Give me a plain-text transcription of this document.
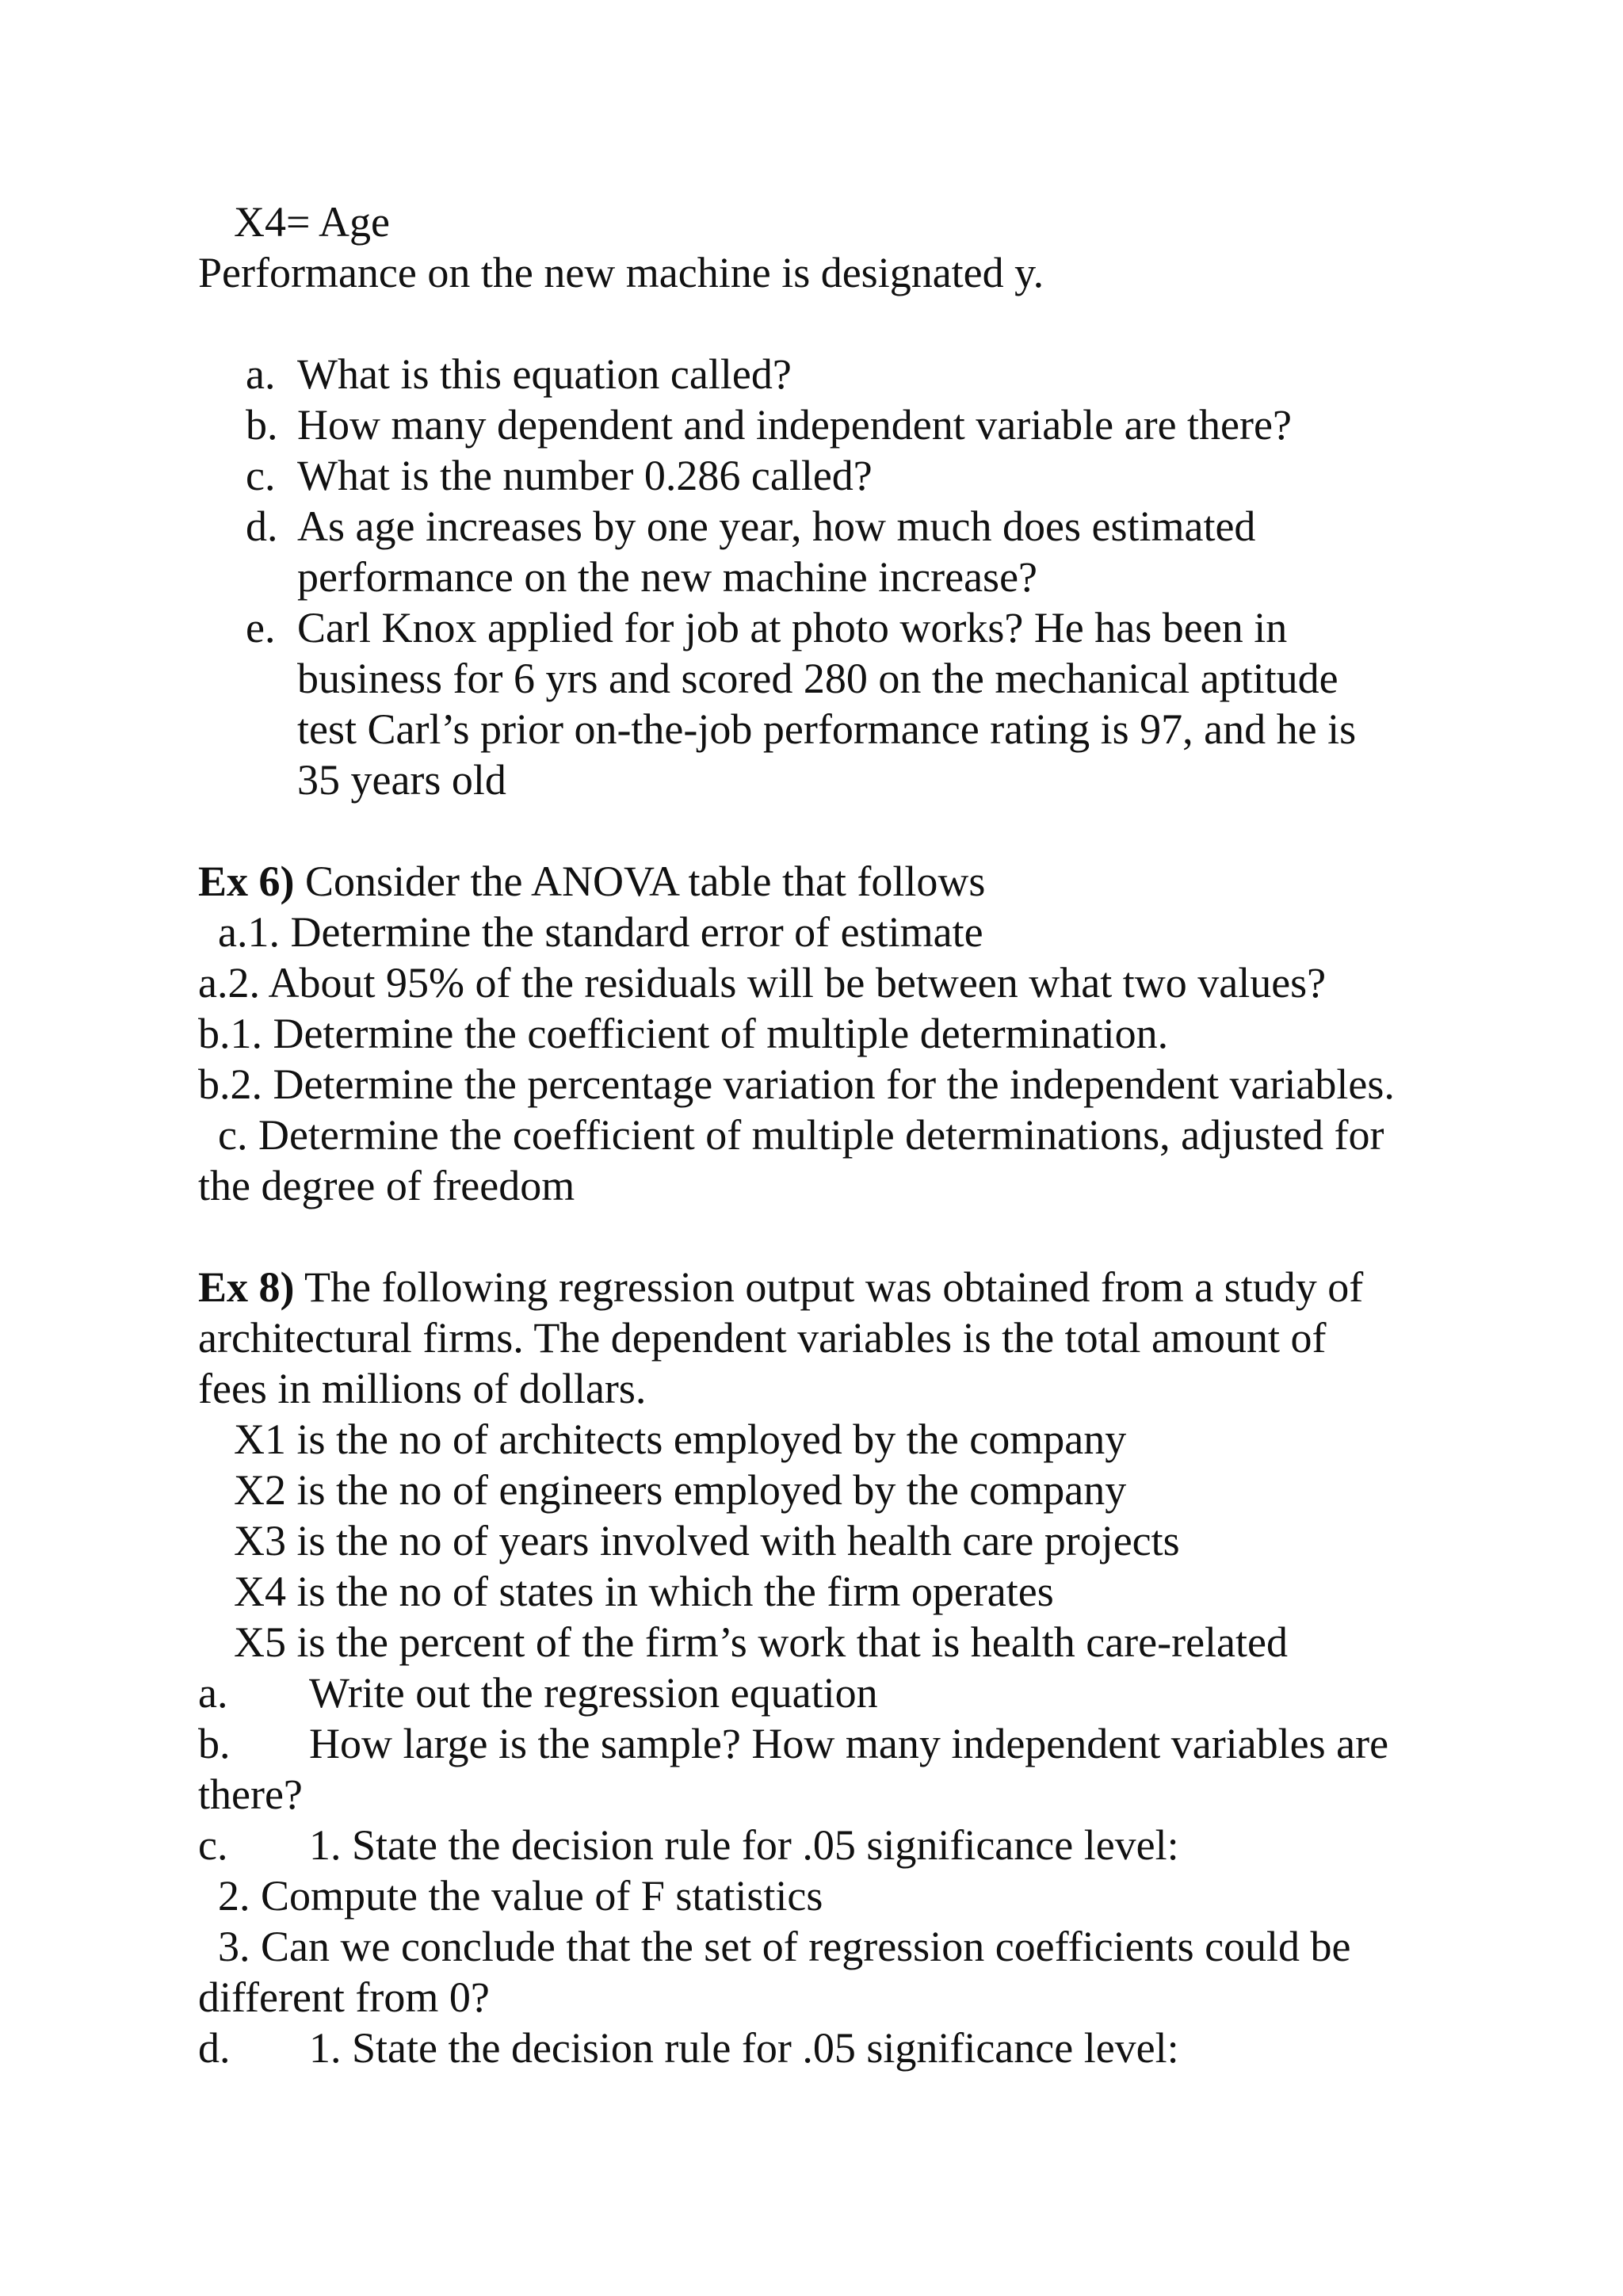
X4= Age

Performance on the new machine is designated y.

a. What is this equation called?

b. How many dependent and independent variable are there?

c. What is the number 0.286 called?

d. As age increases by one year, how much does estimated

performance on the new machine increase?

e. Carl Knox applied for job at photo works? He has been in

business for 6 yrs and scored 280 on the mechanical aptitude

test Carl’s prior on-the-job performance rating is 97, and he is

35 years old

Ex 6) Consider the ANOVA table that follows

a.1. Determine the standard error of estimate

a.2. About 95% of the residuals will be between what two values?

b.1. Determine the coefficient of multiple determination.

b.2. Determine the percentage variation for the independent variables.

c. Determine the coefficient of multiple determinations, adjusted for

the degree of freedom

Ex 8) The following regression output was obtained from a study of

architectural firms. The dependent variables is the total amount of

fees in millions of dollars.

X1 is the no of architects employed by the company

X2 is the no of engineers employed by the company

X3 is the no of years involved with health care projects

X4 is the no of states in which the firm operates

X5 is the percent of the firm’s work that is health care-related

a. Write out the regression equation

b. How large is the sample? How many independent variables are

there?

c. 1. State the decision rule for .05 significance level:

2. Compute the value of F statistics

3. Can we conclude that the set of regression coefficients could be

different from 0?

d. 1. State the decision rule for .05 significance level:
